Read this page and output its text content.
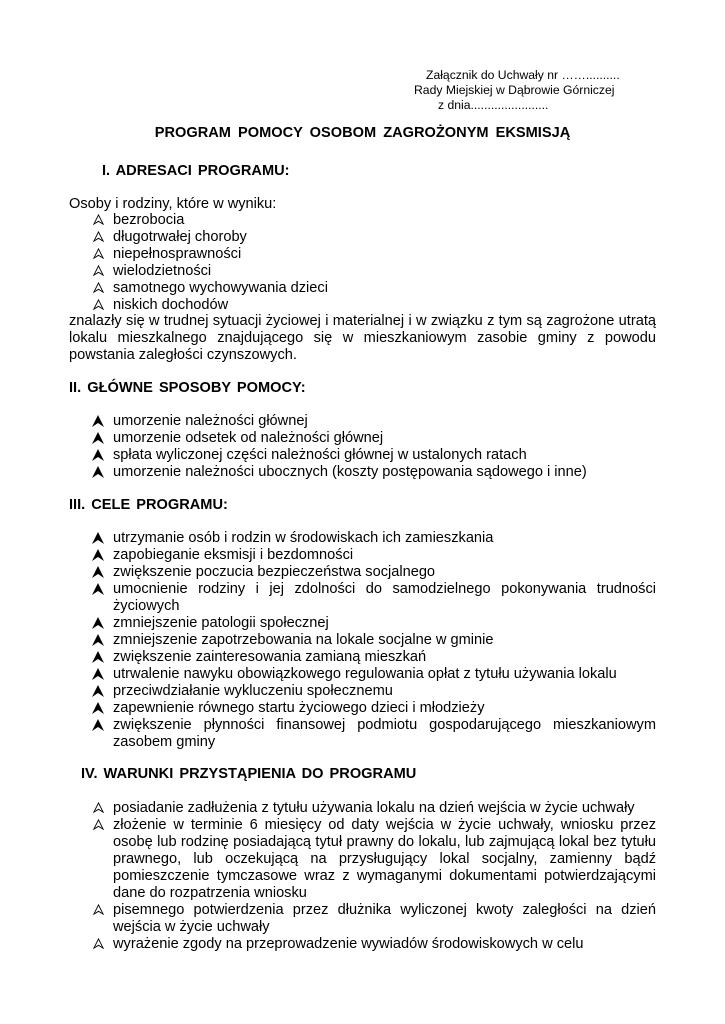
Załącznik do Uchwały nr ……..........
Rady Miejskiej w Dąbrowie Górniczej
z dnia.......................
PROGRAM POMOCY OSOBOM ZAGROŻONYM EKSMISJĄ
I. ADRESACI PROGRAMU:
Osoby i rodziny, które w wyniku:
bezrobocia
długotrwałej choroby
niepełnosprawności
wielodzietności
samotnego wychowywania dzieci
niskich dochodów
znalazły się w trudnej sytuacji życiowej i materialnej i w związku z tym są zagrożone utratą lokalu mieszkalnego znajdującego się w mieszkaniowym zasobie gminy z powodu powstania zaległości czynszowych.
II. GŁÓWNE SPOSOBY POMOCY:
umorzenie należności głównej
umorzenie odsetek od należności głównej
spłata wyliczonej części należności głównej w ustalonych ratach
umorzenie należności ubocznych (koszty postępowania sądowego i inne)
III. CELE PROGRAMU:
utrzymanie osób i rodzin w środowiskach ich zamieszkania
zapobieganie eksmisji i bezdomności
zwiększenie poczucia bezpieczeństwa socjalnego
umocnienie rodziny i jej zdolności do samodzielnego pokonywania trudności życiowych
zmniejszenie patologii społecznej
zmniejszenie zapotrzebowania na lokale socjalne w gminie
zwiększenie zainteresowania zamianą mieszkań
utrwalenie nawyku obowiązkowego regulowania opłat z tytułu używania lokalu
przeciwdziałanie wykluczeniu społecznemu
zapewnienie równego startu życiowego dzieci i młodzieży
zwiększenie płynności finansowej podmiotu gospodarującego mieszkaniowym zasobem gminy
IV. WARUNKI PRZYSTĄPIENIA DO PROGRAMU
posiadanie zadłużenia z tytułu używania lokalu na dzień wejścia w życie uchwały
złożenie w terminie 6 miesięcy od daty wejścia w życie uchwały, wniosku przez osobę lub rodzinę posiadającą tytuł prawny do lokalu, lub zajmującą lokal bez tytułu prawnego, lub oczekującą na przysługujący lokal socjalny, zamienny bądź pomieszczenie tymczasowe wraz z wymaganymi dokumentami potwierdzającymi dane do rozpatrzenia wniosku
pisemnego potwierdzenia przez dłużnika wyliczonej kwoty zaległości na dzień wejścia w życie uchwały
wyrażenie zgody na przeprowadzenie wywiadów środowiskowych w celu
